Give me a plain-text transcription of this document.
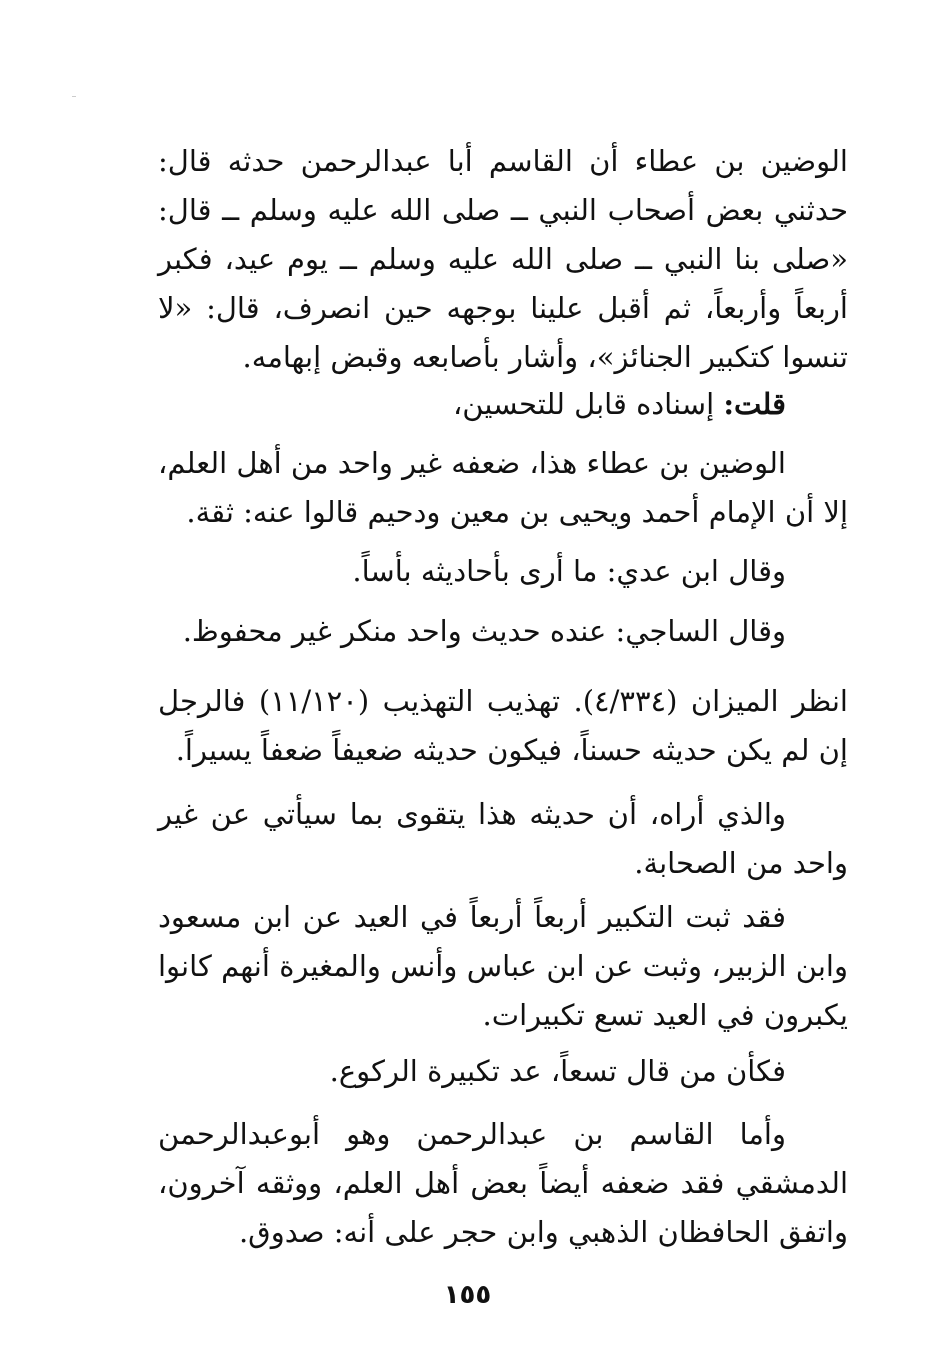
الوضين بن عطاء أن القاسم أبا عبدالرحمن حدثه قال: حدثني بعض أصحاب النبي ــ صلى الله عليه وسلم ــ قال: «صلى بنا النبي ــ صلى الله عليه وسلم ــ يوم عيد، فكبر أربعاً وأربعاً، ثم أقبل علينا بوجهه حين انصرف، قال: «لا تنسوا كتكبير الجنائز»، وأشار بأصابعه وقبض إبهامه.

قلت: إسناده قابل للتحسين،

الوضين بن عطاء هذا، ضعفه غير واحد من أهل العلم، إلا أن الإمام أحمد ويحيى بن معين ودحيم قالوا عنه: ثقة.

وقال ابن عدي: ما أرى بأحاديثه بأساً.

وقال الساجي: عنده حديث واحد منكر غير محفوظ.

انظر الميزان (٤/٣٣٤). تهذيب التهذيب (١١/١٢٠) فالرجل إن لم يكن حديثه حسناً، فيكون حديثه ضعيفاً ضعفاً يسيراً.

والذي أراه، أن حديثه هذا يتقوى بما سيأتي عن غير واحد من الصحابة.

فقد ثبت التكبير أربعاً أربعاً في العيد عن ابن مسعود وابن الزبير، وثبت عن ابن عباس وأنس والمغيرة أنهم كانوا يكبرون في العيد تسع تكبيرات.

فكأن من قال تسعاً، عد تكبيرة الركوع.

وأما القاسم بن عبدالرحمن وهو أبوعبدالرحمن الدمشقي فقد ضعفه أيضاً بعض أهل العلم، ووثقه آخرون، واتفق الحافظان الذهبي وابن حجر على أنه: صدوق.

١٥٥
